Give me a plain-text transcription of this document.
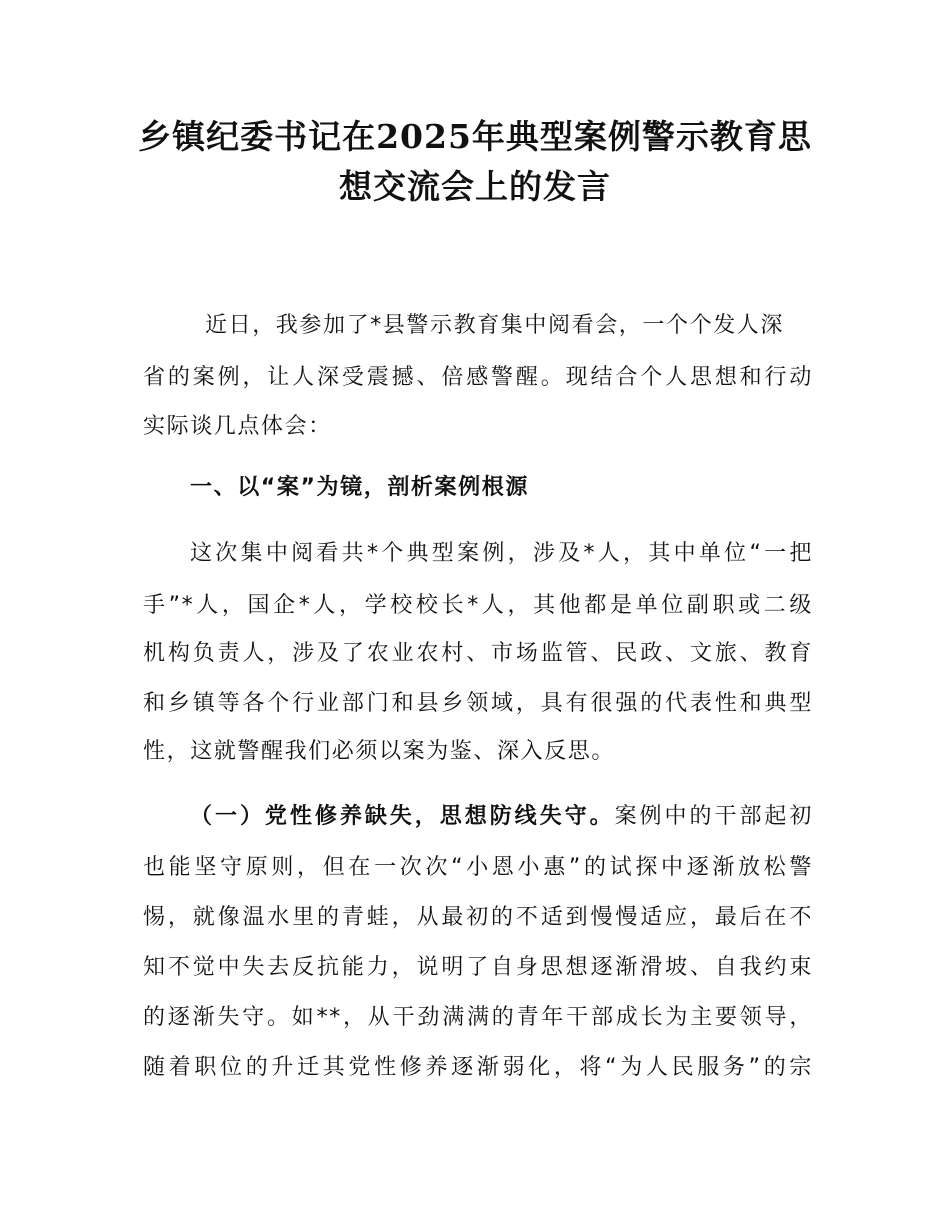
乡镇纪委书记在2025年典型案例警示教育思
想交流会上的发言
近日，我参加了*县警示教育集中阅看会，一个个发人深
省的案例，让人深受震撼、倍感警醒。现结合个人思想和行动
实际谈几点体会：
一、以“案”为镜，剖析案例根源
这次集中阅看共*个典型案例，涉及*人，其中单位“一把
手”*人，国企*人，学校校长*人，其他都是单位副职或二级
机构负责人，涉及了农业农村、市场监管、民政、文旅、教育
和乡镇等各个行业部门和县乡领域，具有很强的代表性和典型
性，这就警醒我们必须以案为鉴、深入反思。
（一）党性修养缺失，思想防线失守。案例中的干部起初
也能坚守原则，但在一次次“小恩小惠”的试探中逐渐放松警
惕，就像温水里的青蛙，从最初的不适到慢慢适应，最后在不
知不觉中失去反抗能力，说明了自身思想逐渐滑坡、自我约束
的逐渐失守。如**，从干劲满满的青年干部成长为主要领导，
随着职位的升迁其党性修养逐渐弱化，将“为人民服务”的宗
